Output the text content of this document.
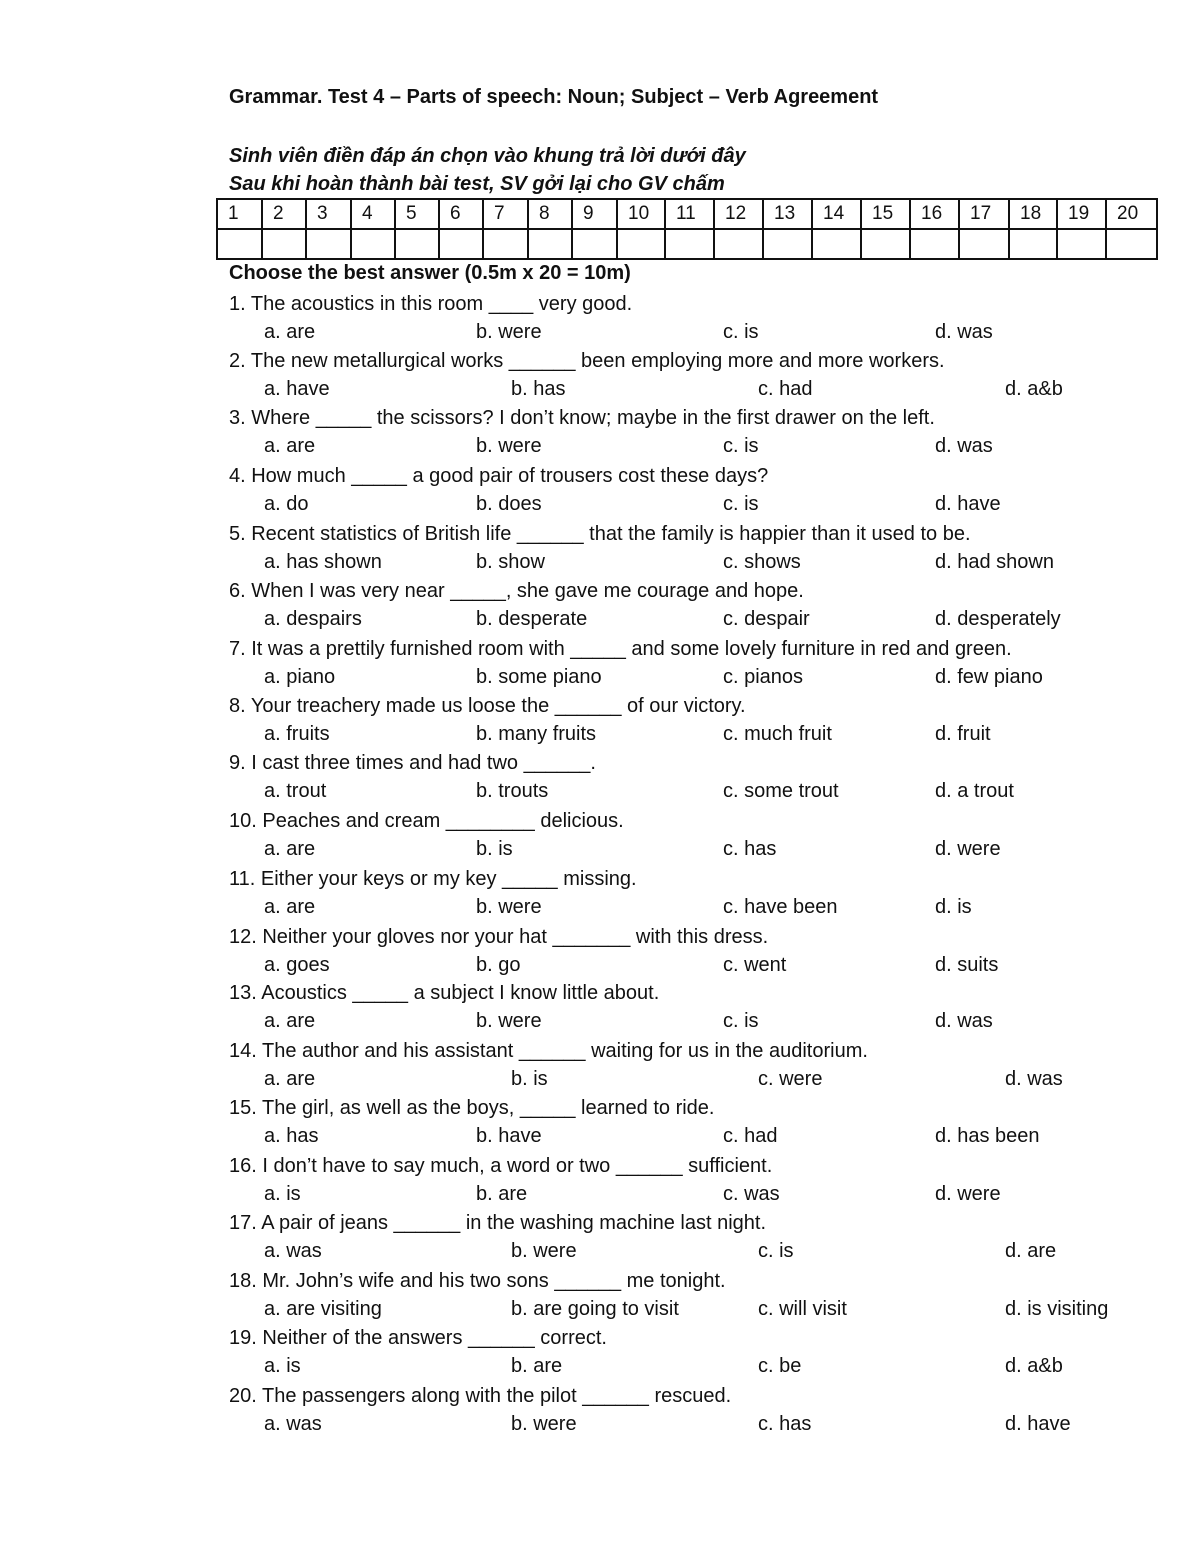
Grammar. Test 4 – Parts of speech: Noun; Subject – Verb Agreement
Sinh viên điền đáp án chọn vào khung trả lời dưới đây
Sau khi hoàn thành bài test, SV gởi lại cho GV chấm
1	2	3	4	5	6	7	8	9	10	11	12	13	14	15	16	17	18	19	20

Choose the best answer (0.5m x 20 = 10m)
1. The acoustics in this room ____ very good.
a. are	b. were	c. is	d. was
2. The new metallurgical works ______ been employing more and more workers.
a. have	b. has	c. had	d. a&b
3. Where _____ the scissors? I don’t know; maybe in the first drawer on the left.
a. are	b. were	c. is	d. was
4. How much _____ a good pair of trousers cost these days?
a. do	b. does	c. is	d. have
5. Recent statistics of British life ______ that the family is happier than it used to be.
a. has shown	b. show	c. shows	d. had shown
6. When I was very near _____, she gave me courage and hope.
a. despairs	b. desperate	c. despair	d. desperately
7. It was a prettily furnished room with _____ and some lovely furniture in red and green.
a. piano	b. some piano	c. pianos	d. few piano
8. Your treachery made us loose the ______ of our victory.
a. fruits	b. many fruits	c. much fruit	d. fruit
9. I cast three times and had two ______.
a. trout	b. trouts	c. some trout	d. a trout
10. Peaches and cream ________ delicious.
a. are	b. is	c. has	d. were
11. Either your keys or my key _____ missing.
a. are	b. were	c. have been	d. is
12. Neither your gloves nor your hat _______ with this dress.
a. goes	b. go	c. went	d. suits
13. Acoustics _____ a subject I know little about.
a. are	b. were	c. is	d. was
14. The author and his assistant ______ waiting for us in the auditorium.
a. are	b. is	c. were	d. was
15. The girl, as well as the boys, _____ learned to ride.
a. has	b. have	c. had	d. has been
16. I don’t have to say much, a word or two ______ sufficient.
a. is	b. are	c. was	d. were
17. A pair of jeans ______ in the washing machine last night.
a. was	b. were	c. is	d. are
18. Mr. John’s wife and his two sons ______ me tonight.
a. are visiting	b. are going to visit	c. will visit	d. is visiting
19. Neither of the answers ______ correct.
a. is	b. are	c. be	d. a&b
20. The passengers along with the pilot ______ rescued.
a. was	b. were	c. has	d. have
